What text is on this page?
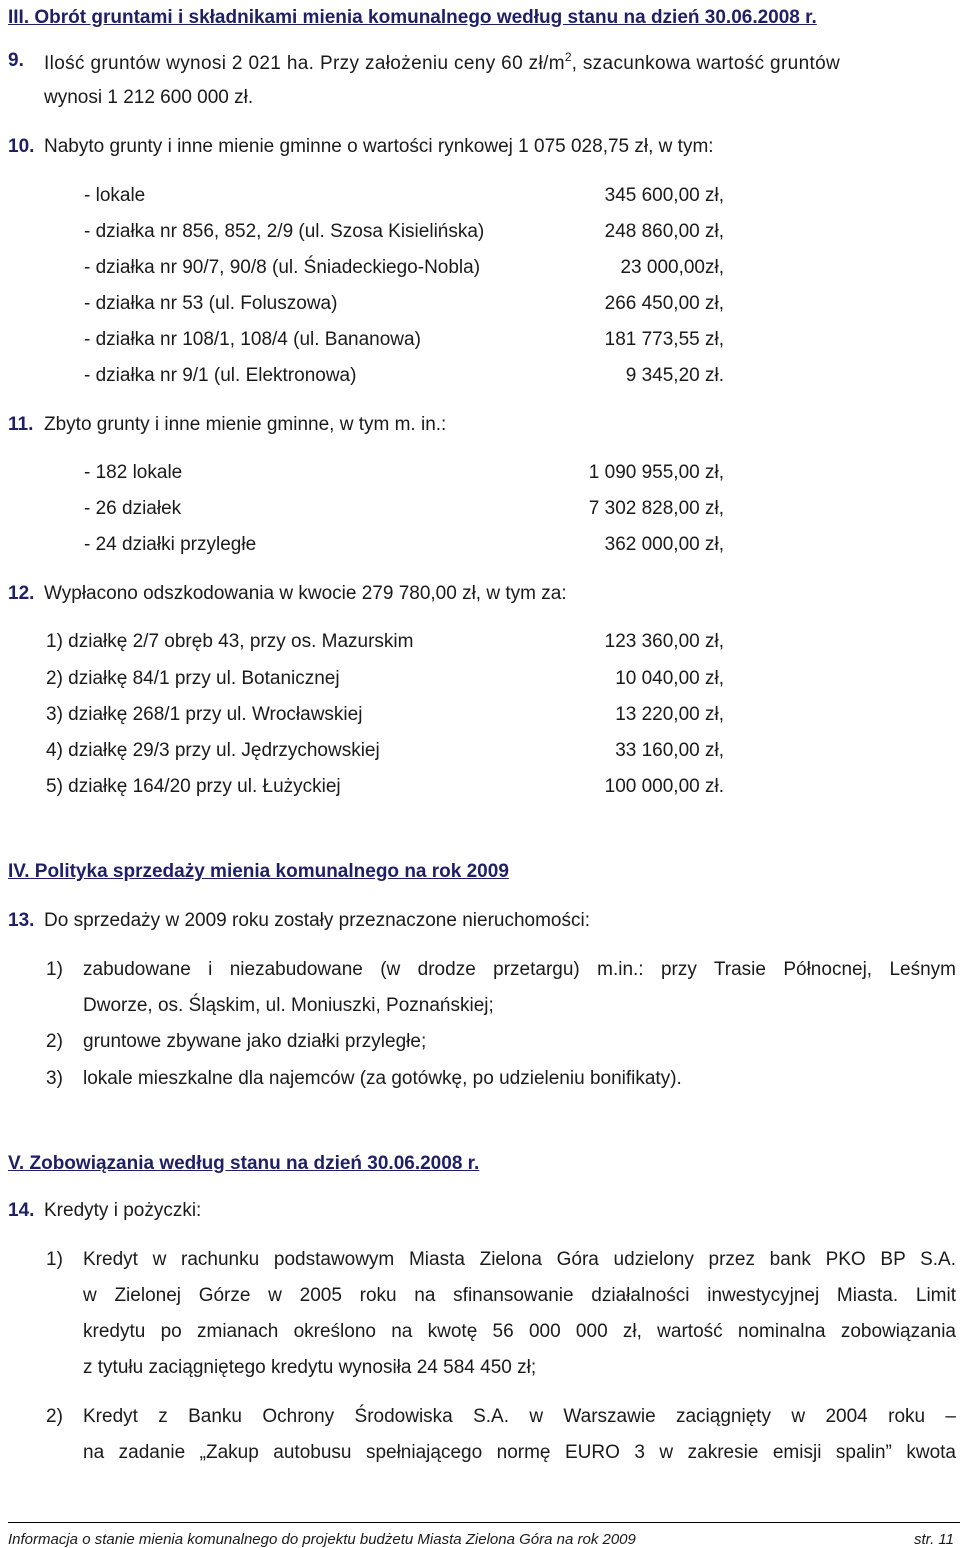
III. Obrót gruntami i składnikami mienia komunalnego według stanu na dzień 30.06.2008 r.
9. Ilość gruntów wynosi 2 021 ha. Przy założeniu ceny 60 $zł/m^2$, szacunkowa wartość gruntów
wynosi 1 212 600 000 zł.
10. Nabyto grunty i inne mienie gminne o wartości rynkowej 1 075 028,75 zł, w tym:
- lokale	345 600,00 zł,
- działka nr 856, 852, 2/9 (ul. Szosa Kisielińska)	248 860,00 zł,
- działka nr 90/7, 90/8 (ul. Śniadeckiego-Nobla)	23 000,00zł,
- działka nr 53 (ul. Foluszowa)	266 450,00 zł,
- działka nr 108/1, 108/4 (ul. Bananowa)	181 773,55 zł,
- działka nr 9/1 (ul. Elektronowa)	9 345,20 zł.
11. Zbyto grunty i inne mienie gminne, w tym m. in.:
- 182 lokale	1 090 955,00 zł,
- 26 działek	7 302 828,00 zł,
- 24 działki przyległe	362 000,00 zł,
12. Wypłacono odszkodowania w kwocie 279 780,00 zł, w tym za:
1) działkę 2/7 obręb 43, przy os. Mazurskim	123 360,00 zł,
2) działkę 84/1 przy ul. Botanicznej	10 040,00 zł,
3) działkę 268/1 przy ul. Wrocławskiej	13 220,00 zł,
4) działkę 29/3 przy ul. Jędrzychowskiej	33 160,00 zł,
5) działkę 164/20 przy ul. Łużyckiej	100 000,00 zł.
IV. Polityka sprzedaży mienia komunalnego na rok 2009
13. Do sprzedaży w 2009 roku zostały przeznaczone nieruchomości:
1) zabudowane i niezabudowane (w drodze przetargu) m.in.: przy Trasie Północnej, Leśnym
Dworze, os. Śląskim, ul. Moniuszki, Poznańskiej;
2) gruntowe zbywane jako działki przyległe;
3) lokale mieszkalne dla najemców (za gotówkę, po udzieleniu bonifikaty).
V. Zobowiązania według stanu na dzień 30.06.2008 r.
14. Kredyty i pożyczki:
1) Kredyt w rachunku podstawowym Miasta Zielona Góra udzielony przez bank PKO BP S.A.
w Zielonej Górze w 2005 roku na sfinansowanie działalności inwestycyjnej Miasta. Limit
kredytu po zmianach określono na kwotę 56 000 000 zł, wartość nominalna zobowiązania
z tytułu zaciągniętego kredytu wynosiła 24 584 450 zł;
2) Kredyt z Banku Ochrony Środowiska S.A. w Warszawie zaciągnięty w 2004 roku –
na zadanie „Zakup autobusu spełniającego normę EURO 3 w zakresie emisji spalin” kwota
Informacja o stanie mienia komunalnego do projektu budżetu Miasta Zielona Góra na rok 2009	str. 11
